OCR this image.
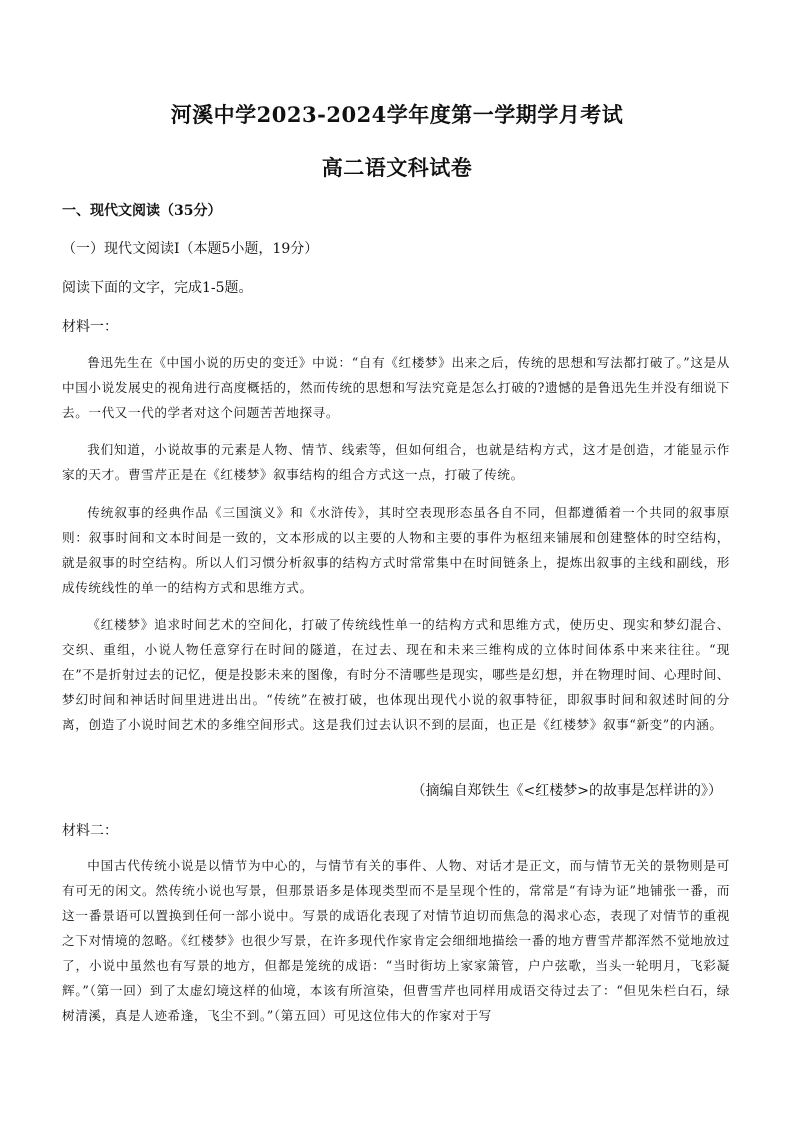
河溪中学2023-2024学年度第一学期学月考试
高二语文科试卷
一、现代文阅读（35分）
（一）现代文阅读Ⅰ（本题5小题，19分）
阅读下面的文字，完成1-5题。
材料一：

鲁迅先生在《中国小说的历史的变迁》中说：“自有《红楼梦》出来之后，传统的思想和写法都打破了。”这是从中国小说发展史的视角进行高度概括的，然而传统的思想和写法究竟是怎么打破的?遗憾的是鲁迅先生并没有细说下去。一代又一代的学者对这个问题苦苦地探寻。

我们知道，小说故事的元素是人物、情节、线索等，但如何组合，也就是结构方式，这才是创造，才能显示作家的天才。曹雪芹正是在《红楼梦》叙事结构的组合方式这一点，打破了传统。

传统叙事的经典作品《三国演义》和《水浒传》，其时空表现形态虽各自不同，但都遵循着一个共同的叙事原则：叙事时间和文本时间是一致的，文本形成的以主要的人物和主要的事件为枢纽来铺展和创建整体的时空结构，就是叙事的时空结构。所以人们习惯分析叙事的结构方式时常常集中在时间链条上，提炼出叙事的主线和副线，形成传统线性的单一的结构方式和思维方式。

《红楼梦》追求时间艺术的空间化，打破了传统线性单一的结构方式和思维方式，使历史、现实和梦幻混合、交织、重组，小说人物任意穿行在时间的隧道，在过去、现在和未来三维构成的立体时间体系中来来往往。“现在”不是折射过去的记忆，便是投影未来的图像，有时分不清哪些是现实，哪些是幻想，并在物理时间、心理时间、梦幻时间和神话时间里进进出出。“传统”在被打破，也体现出现代小说的叙事特征，即叙事时间和叙述时间的分离，创造了小说时间艺术的多维空间形式。这是我们过去认识不到的层面，也正是《红楼梦》叙事“新变”的内涵。

（摘编自郑铁生《<红楼梦>的故事是怎样讲的》）
材料二：

中国古代传统小说是以情节为中心的，与情节有关的事件、人物、对话才是正文，而与情节无关的景物则是可有可无的闲文。然传统小说也写景，但那景语多是体现类型而不是呈现个性的，常常是“有诗为证”地铺张一番，而这一番景语可以置换到任何一部小说中。写景的成语化表现了对情节迫切而焦急的渴求心态，表现了对情节的重视之下对情境的忽略。《红楼梦》也很少写景，在许多现代作家肯定会细细地描绘一番的地方曹雪芹都浑然不觉地放过了，小说中虽然也有写景的地方，但都是笼统的成语：“当时街坊上家家箫管，户户弦歌，当头一轮明月，飞彩凝辉。”（第一回）到了太虚幻境这样的仙境，本该有所渲染，但曹雪芹也同样用成语交待过去了：“但见朱栏白石，绿树清溪，真是人迹希逢，飞尘不到。”（第五回）可见这位伟大的作家对于写
